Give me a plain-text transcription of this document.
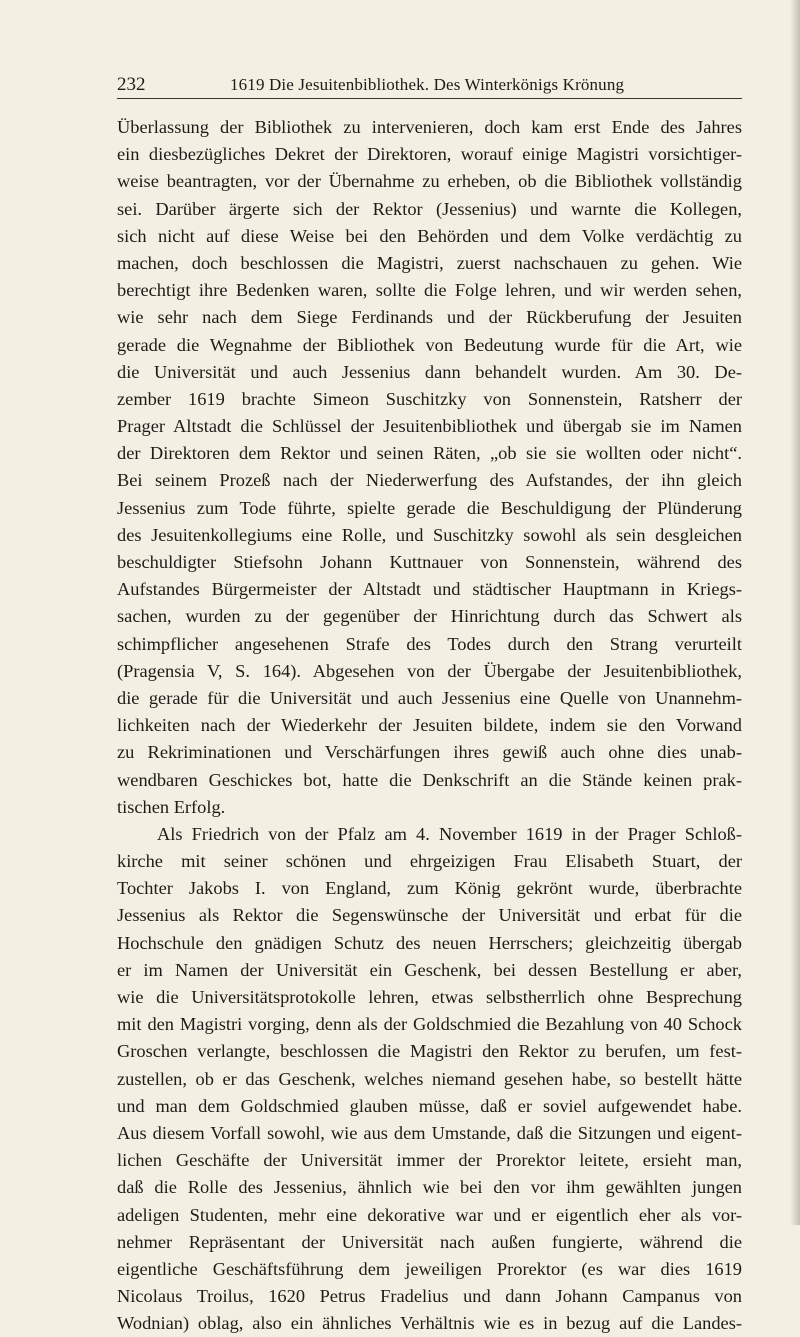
232	1619 Die Jesuitenbibliothek. Des Winterkönigs Krönung
Überlassung der Bibliothek zu intervenieren, doch kam erst Ende des Jahres
ein diesbezügliches Dekret der Direktoren, worauf einige Magistri vorsichtiger-
weise beantragten, vor der Übernahme zu erheben, ob die Bibliothek vollständig
sei. Darüber ärgerte sich der Rektor (Jessenius) und warnte die Kollegen,
sich nicht auf diese Weise bei den Behörden und dem Volke verdächtig zu
machen, doch beschlossen die Magistri, zuerst nachschauen zu gehen. Wie
berechtigt ihre Bedenken waren, sollte die Folge lehren, und wir werden sehen,
wie sehr nach dem Siege Ferdinands und der Rückberufung der Jesuiten
gerade die Wegnahme der Bibliothek von Bedeutung wurde für die Art, wie
die Universität und auch Jessenius dann behandelt wurden. Am 30. De-
zember 1619 brachte Simeon Suschitzky von Sonnenstein, Ratsherr der
Prager Altstadt die Schlüssel der Jesuitenbibliothek und übergab sie im Namen
der Direktoren dem Rektor und seinen Räten, „ob sie sie wollten oder nicht“.
Bei seinem Prozeß nach der Niederwerfung des Aufstandes, der ihn gleich
Jessenius zum Tode führte, spielte gerade die Beschuldigung der Plünderung
des Jesuitenkollegiums eine Rolle, und Suschitzky sowohl als sein desgleichen
beschuldigter Stiefsohn Johann Kuttnauer von Sonnenstein, während des
Aufstandes Bürgermeister der Altstadt und städtischer Hauptmann in Kriegs-
sachen, wurden zu der gegenüber der Hinrichtung durch das Schwert als
schimpflicher angesehenen Strafe des Todes durch den Strang verurteilt
(Pragensia V, S. 164). Abgesehen von der Übergabe der Jesuitenbibliothek,
die gerade für die Universität und auch Jessenius eine Quelle von Unannehm-
lichkeiten nach der Wiederkehr der Jesuiten bildete, indem sie den Vorwand
zu Rekriminationen und Verschärfungen ihres gewiß auch ohne dies unab-
wendbaren Geschickes bot, hatte die Denkschrift an die Stände keinen prak-
tischen Erfolg.
Als Friedrich von der Pfalz am 4. November 1619 in der Prager Schloß-
kirche mit seiner schönen und ehrgeizigen Frau Elisabeth Stuart, der
Tochter Jakobs I. von England, zum König gekrönt wurde, überbrachte
Jessenius als Rektor die Segenswünsche der Universität und erbat für die
Hochschule den gnädigen Schutz des neuen Herrschers; gleichzeitig übergab
er im Namen der Universität ein Geschenk, bei dessen Bestellung er aber,
wie die Universitätsprotokolle lehren, etwas selbstherrlich ohne Besprechung
mit den Magistri vorging, denn als der Goldschmied die Bezahlung von 40 Schock
Groschen verlangte, beschlossen die Magistri den Rektor zu berufen, um fest-
zustellen, ob er das Geschenk, welches niemand gesehen habe, so bestellt hätte
und man dem Goldschmied glauben müsse, daß er soviel aufgewendet habe.
Aus diesem Vorfall sowohl, wie aus dem Umstande, daß die Sitzungen und eigent-
lichen Geschäfte der Universität immer der Prorektor leitete, ersieht man,
daß die Rolle des Jessenius, ähnlich wie bei den vor ihm gewählten jungen
adeligen Studenten, mehr eine dekorative war und er eigentlich eher als vor-
nehmer Repräsentant der Universität nach außen fungierte, während die
eigentliche Geschäftsführung dem jeweiligen Prorektor (es war dies 1619
Nicolaus Troilus, 1620 Petrus Fradelius und dann Johann Campanus von
Wodnian) oblag, also ein ähnliches Verhältnis wie es in bezug auf die Landes-
